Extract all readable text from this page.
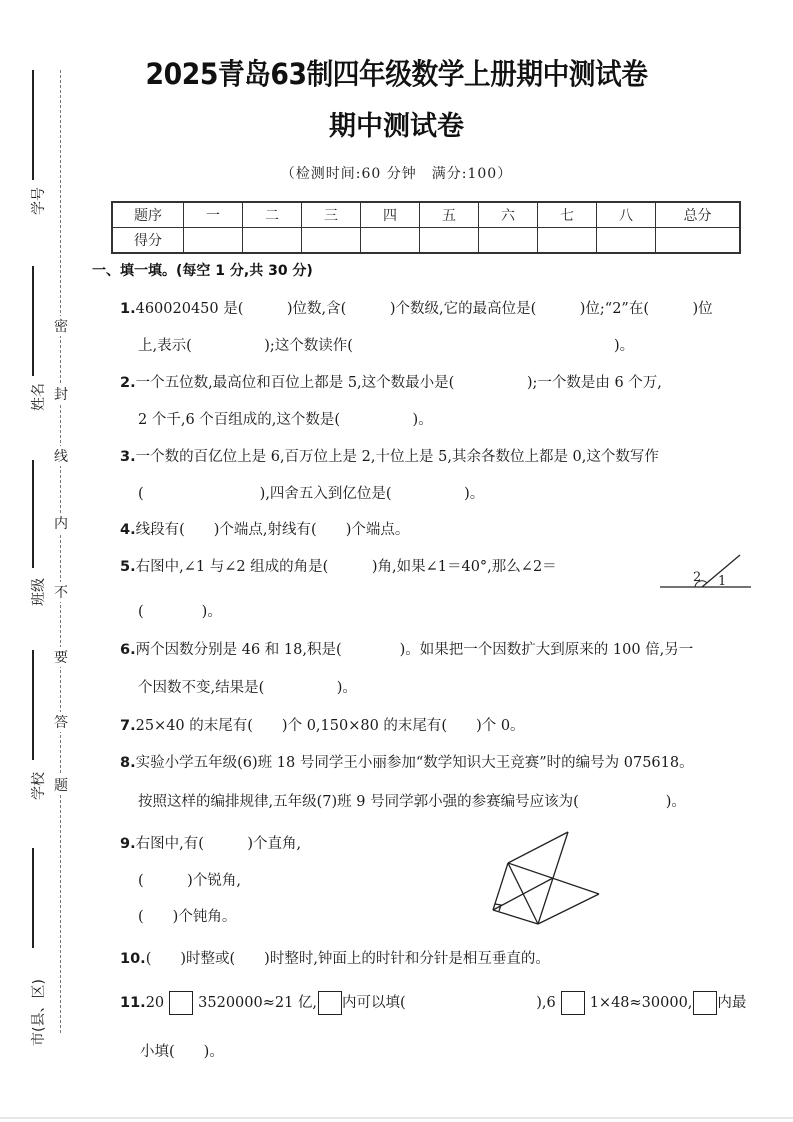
学号
姓名
班级
学校
市(县、区)
密
封
线
内
不
要
答
题
2025青岛63制四年级数学上册期中测试卷
期中测试卷
（检测时间:60 分钟　满分:100）
题序	一	二	三	四	五	六	七	八	总分
得分									
一、填一填。(每空 1 分,共 30 分)
1.460020450 是(　　　)位数,含(　　　)个数级,它的最高位是(　　　)位;“2”在(　　　)位
上,表示(　　　　　);这个数读作(　　　　　　　　　　　　　　　　　　)。
2.一个五位数,最高位和百位上都是 5,这个数最小是(　　　　　);一个数是由 6 个万,
2 个千,6 个百组成的,这个数是(　　　　　)。
3.一个数的百亿位上是 6,百万位上是 2,十位上是 5,其余各数位上都是 0,这个数写作
(　　　　　　　　),四舍五入到亿位是(　　　　　)。
4.线段有(　　)个端点,射线有(　　)个端点。
5.右图中,∠1 与∠2 组成的角是(　　　)角,如果∠1＝40°,那么∠2＝
(　　　　)。
2 1
6.两个因数分别是 46 和 18,积是(　　　　)。如果把一个因数扩大到原来的 100 倍,另一
个因数不变,结果是(　　　　　)。
7.25×40 的末尾有(　　)个 0,150×80 的末尾有(　　)个 0。
8.实验小学五年级(6)班 18 号同学王小丽参加“数学知识大王竞赛”时的编号为 075618。
按照这样的编排规律,五年级(7)班 9 号同学郭小强的参赛编号应该为(　　　　　　)。
9.右图中,有(　　　)个直角,
(　　　)个锐角,
(　　)个钝角。
10.(　　)时整或(　　)时整时,钟面上的时针和分针是相互垂直的。
11.20 3520000≈21 亿, 内可以填(　　　　　　　　　),6 1×48≈30000, 内最
小填(　　)。
